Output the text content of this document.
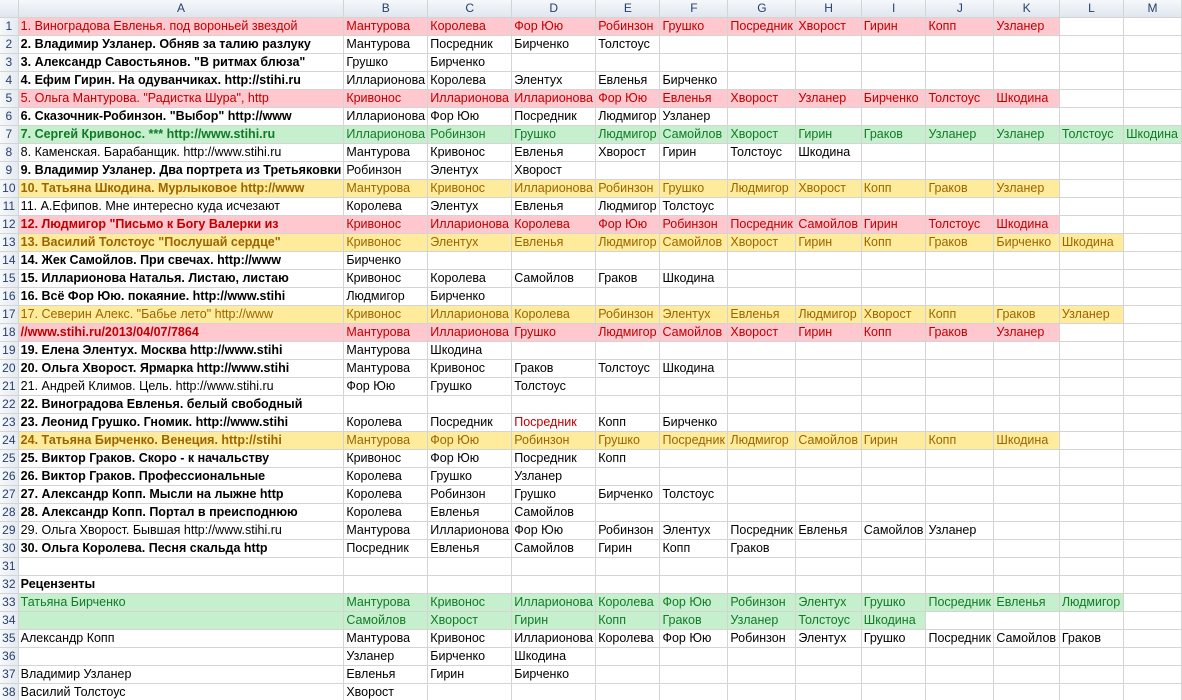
	A	B	C	D	E	F	G	H	I	J	K	L	M
1	1. Виноградова Евленья. под вороньей звездой	Мантурова	Королева	Фор Юю	Робинзон	Грушко	Посредник	Хворост	Гирин	Копп	Узланер		
2	2. Владимир Узланер. Обняв за талию разлуку	Мантурова	Посредник	Бирченко	Толстоус								
3	3. Александр Савостьянов. "В ритмах блюза"	Грушко	Бирченко										
4	4. Ефим Гирин. На одуванчиках. http://stihi.ru	Илларионова	Королева	Элентух	Евленья	Бирченко							
5	5. Ольга Мантурова. "Радистка Шура", http	Кривонос	Илларионова	Илларионова	Фор Юю	Евленья	Хворост	Узланер	Бирченко	Толстоус	Шкодина		
6	6. Сказочник-Робинзон. "Выбор" http://www	Илларионова	Фор Юю	Посредник	Людмигор	Узланер							
7	7. Сергей Кривонос. *** http://www.stihi.ru	Илларионова	Робинзон	Грушко	Людмигор	Самойлов	Хворост	Гирин	Граков	Узланер	Узланер	Толстоус	Шкодина
8	8. Каменская. Барабанщик. http://www.stihi.ru	Мантурова	Кривонос	Евленья	Хворост	Гирин	Толстоус	Шкодина					
9	9. Владимир Узланер. Два портрета из Третьяковки	Робинзон	Элентух	Хворост									
10	10. Татьяна Шкодина. Мурлыковое http://www	Мантурова	Кривонос	Илларионова	Робинзон	Грушко	Людмигор	Хворост	Копп	Граков	Узланер		
11	11. А.Ефипов. Мне интересно куда исчезают	Королева	Элентух	Евленья	Людмигор	Толстоус							
12	12. Людмигор "Письмо к Богу Валерки из	Кривонос	Илларионова	Королева	Фор Юю	Робинзон	Посредник	Самойлов	Гирин	Толстоус	Шкодина		
13	13. Василий Толстоус "Послушай сердце"	Кривонос	Элентух	Евленья	Людмигор	Самойлов	Хворост	Гирин	Копп	Граков	Бирченко	Шкодина	
14	14. Жек Самойлов. При свечах. http://www	Бирченко											
15	15. Илларионова Наталья. Листаю, листаю	Кривонос	Королева	Самойлов	Граков	Шкодина							
16	16. Всё Фор Юю. покаяние. http://www.stihi	Людмигор	Бирченко										
17	17. Северин Алекс. "Бабье лето" http://www	Кривонос	Илларионова	Королева	Робинзон	Элентух	Евленья	Людмигор	Хворост	Копп	Граков	Узланер	
18	//www.stihi.ru/2013/04/07/7864	Мантурова	Илларионова	Грушко	Людмигор	Самойлов	Хворост	Гирин	Копп	Граков	Узланер		
19	19. Елена Элентух. Москва http://www.stihi	Мантурова	Шкодина										
20	20. Ольга Хворост. Ярмарка http://www.stihi	Мантурова	Кривонос	Граков	Толстоус	Шкодина							
21	21. Андрей Климов. Цель. http://www.stihi.ru	Фор Юю	Грушко	Толстоус									
22	22. Виноградова Евленья. белый свободный												
23	23. Леонид Грушко. Гномик. http://www.stihi	Королева	Посредник	Посредник	Копп	Бирченко							
24	24. Татьяна Бирченко. Венеция. http://stihi	Мантурова	Фор Юю	Робинзон	Грушко	Посредник	Людмигор	Самойлов	Гирин	Копп	Шкодина		
25	25. Виктор Граков. Скоро - к начальству	Кривонос	Фор Юю	Посредник	Копп								
26	26. Виктор Граков. Профессиональные	Королева	Грушко	Узланер									
27	27. Александр Копп. Мысли на лыжне http	Королева	Робинзон	Грушко	Бирченко	Толстоус							
28	28. Александр Копп. Портал в преисподнюю	Королева	Евленья	Самойлов									
29	29. Ольга Хворост. Бывшая http://www.stihi.ru	Мантурова	Илларионова	Фор Юю	Робинзон	Элентух	Посредник	Евленья	Самойлов	Узланер			
30	30. Ольга Королева. Песня скальда http	Посредник	Евленья	Самойлов	Гирин	Копп	Граков						
31													
32	Рецензенты												
33	Татьяна Бирченко	Мантурова	Кривонос	Илларионова	Королева	Фор Юю	Робинзон	Элентух	Грушко	Посредник	Евленья	Людмигор	
34		Самойлов	Хворост	Гирин	Копп	Граков	Узланер	Толстоус	Шкодина				
35	Александр Копп	Мантурова	Кривонос	Илларионова	Королева	Фор Юю	Робинзон	Элентух	Грушко	Посредник	Самойлов	Граков	
36		Узланер	Бирченко	Шкодина									
37	Владимир Узланер	Евленья	Гирин	Бирченко									
38	Василий Толстоус	Хворост											
